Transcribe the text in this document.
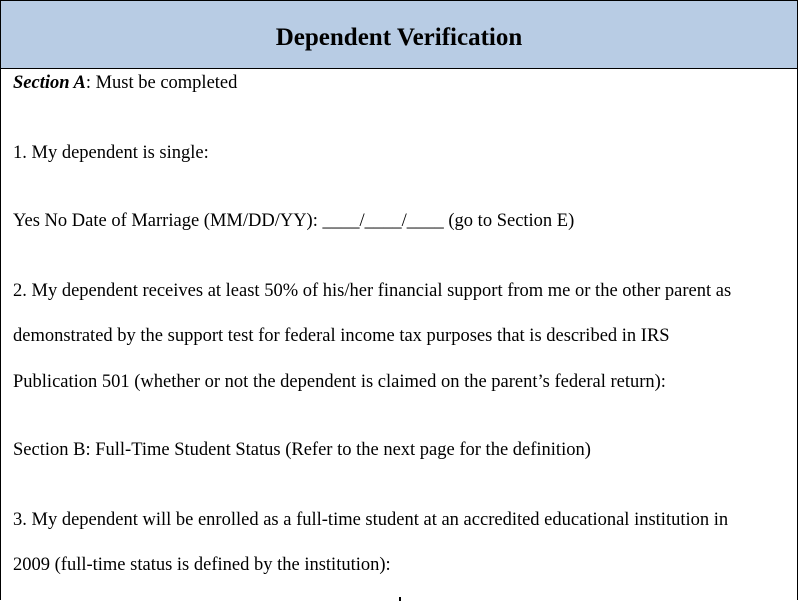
Dependent Verification
Section A: Must be completed
1. My dependent is single:
Yes No Date of Marriage (MM/DD/YY): ____/____/____ (go to Section E)
2. My dependent receives at least 50% of his/her financial support from me or the other parent as
demonstrated by the support test for federal income tax purposes that is described in IRS
Publication 501 (whether or not the dependent is claimed on the parent’s federal return):
Section B: Full-Time Student Status (Refer to the next page for the definition)
3. My dependent will be enrolled as a full-time student at an accredited educational institution in
2009 (full-time status is defined by the institution):
